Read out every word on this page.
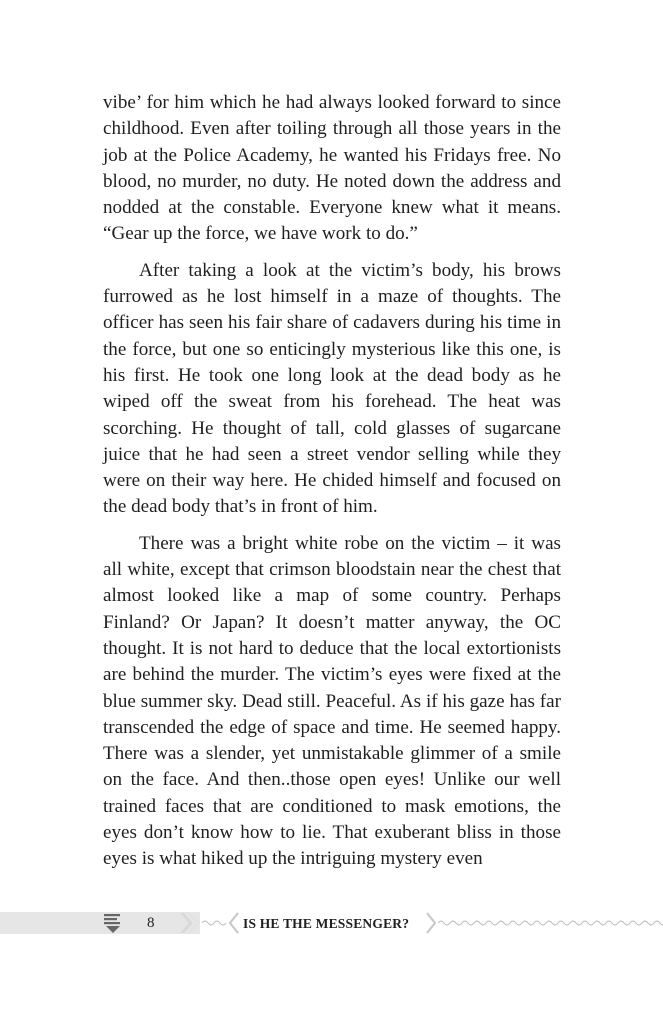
vibe’ for him which he had always looked forward to since childhood. Even after toiling through all those years in the job at the Police Academy, he wanted his Fridays free. No blood, no murder, no duty. He noted down the address and nodded at the constable. Everyone knew what it means. “Gear up the force, we have work to do.”

After taking a look at the victim’s body, his brows furrowed as he lost himself in a maze of thoughts. The officer has seen his fair share of cadavers during his time in the force, but one so enticingly mysterious like this one, is his first. He took one long look at the dead body as he wiped off the sweat from his forehead. The heat was scorching. He thought of tall, cold glasses of sugarcane juice that he had seen a street vendor selling while they were on their way here. He chided himself and focused on the dead body that’s in front of him.

There was a bright white robe on the victim – it was all white, except that crimson bloodstain near the chest that almost looked like a map of some country. Perhaps Finland? Or Japan? It doesn’t matter anyway, the OC thought. It is not hard to deduce that the local extortionists are behind the murder. The victim’s eyes were fixed at the blue summer sky. Dead still. Peaceful. As if his gaze has far transcended the edge of space and time. He seemed happy. There was a slender, yet unmistakable glimmer of a smile on the face. And then..those open eyes! Unlike our well trained faces that are conditioned to mask emotions, the eyes don’t know how to lie. That exuberant bliss in those eyes is what hiked up the intriguing mystery even

8	IS HE THE MESSENGER?
